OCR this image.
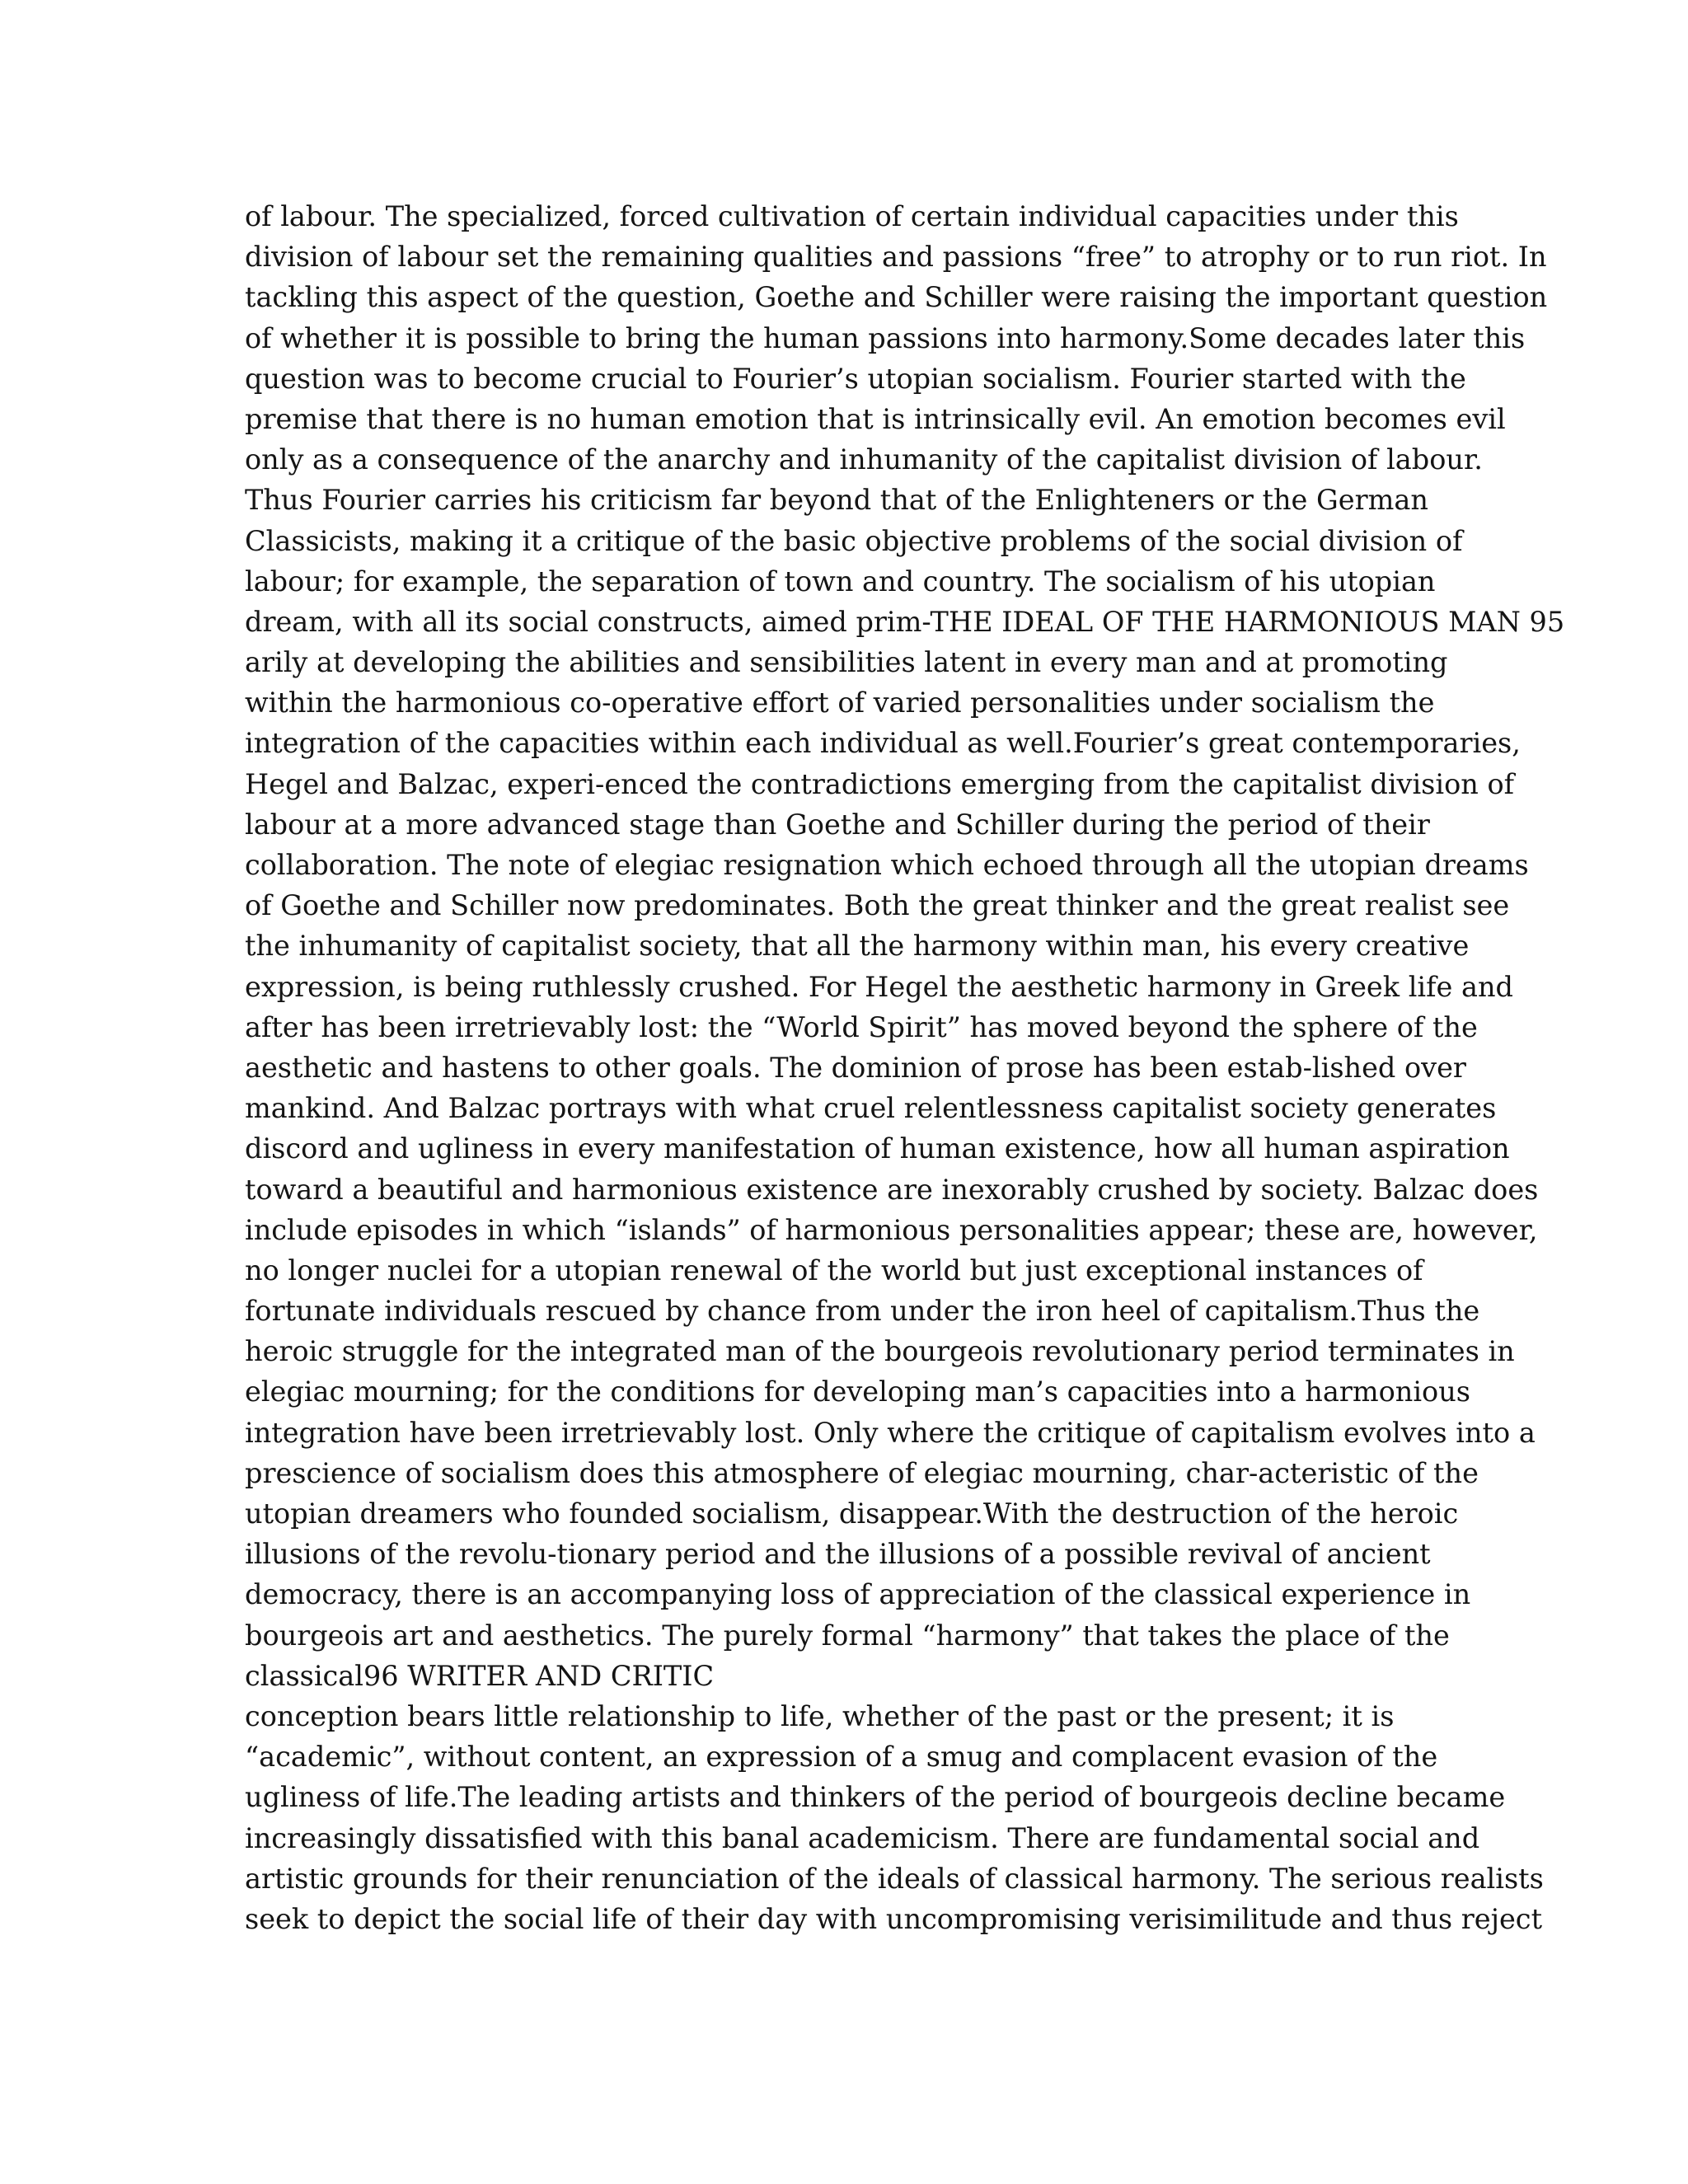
of labour. The specialized, forced cultivation of certain individual capacities under this
division of labour set the remaining qualities and passions “free” to atrophy or to run riot. In
tackling this aspect of the question, Goethe and Schiller were raising the important question
of whether it is possible to bring the human passions into harmony.Some decades later this
question was to become crucial to Fourier’s utopian socialism. Fourier started with the
premise that there is no human emotion that is intrinsically evil. An emotion becomes evil
only as a consequence of the anarchy and inhumanity of the capitalist division of labour.
Thus Fourier carries his criticism far beyond that of the Enlighteners or the German
Classicists, making it a critique of the basic objective problems of the social division of
labour; for example, the separation of town and country. The socialism of his utopian
dream, with all its social constructs, aimed prim-THE IDEAL OF THE HARMONIOUS MAN 95
arily at developing the abilities and sensibilities latent in every man and at promoting
within the harmonious co-operative effort of varied personalities under socialism the
integration of the capacities within each individual as well.Fourier’s great contemporaries,
Hegel and Balzac, experi-enced the contradictions emerging from the capitalist division of
labour at a more advanced stage than Goethe and Schiller during the period of their
collaboration. The note of elegiac resignation which echoed through all the utopian dreams
of Goethe and Schiller now predominates. Both the great thinker and the great realist see
the inhumanity of capitalist society, that all the harmony within man, his every creative
expression, is being ruthlessly crushed. For Hegel the aesthetic harmony in Greek life and
after has been irretrievably lost: the “World Spirit” has moved beyond the sphere of the
aesthetic and hastens to other goals. The dominion of prose has been estab-lished over
mankind. And Balzac portrays with what cruel relentlessness capitalist society generates
discord and ugliness in every manifestation of human existence, how all human aspiration
toward a beautiful and harmonious existence are inexorably crushed by society. Balzac does
include episodes in which “islands” of harmonious personalities appear; these are, however,
no longer nuclei for a utopian renewal of the world but just exceptional instances of
fortunate individuals rescued by chance from under the iron heel of capitalism.Thus the
heroic struggle for the integrated man of the bourgeois revolutionary period terminates in
elegiac mourning; for the conditions for developing man’s capacities into a harmonious
integration have been irretrievably lost. Only where the critique of capitalism evolves into a
prescience of socialism does this atmosphere of elegiac mourning, char-acteristic of the
utopian dreamers who founded socialism, disappear.With the destruction of the heroic
illusions of the revolu-tionary period and the illusions of a possible revival of ancient
democracy, there is an accompanying loss of appreciation of the classical experience in
bourgeois art and aesthetics. The purely formal “harmony” that takes the place of the
classical96 WRITER AND CRITIC
conception bears little relationship to life, whether of the past or the present; it is
“academic”, without content, an expression of a smug and complacent evasion of the
ugliness of life.The leading artists and thinkers of the period of bourgeois decline became
increasingly dissatisfied with this banal academicism. There are fundamental social and
artistic grounds for their renunciation of the ideals of classical harmony. The serious realists
seek to depict the social life of their day with uncompromising verisimilitude and thus reject
